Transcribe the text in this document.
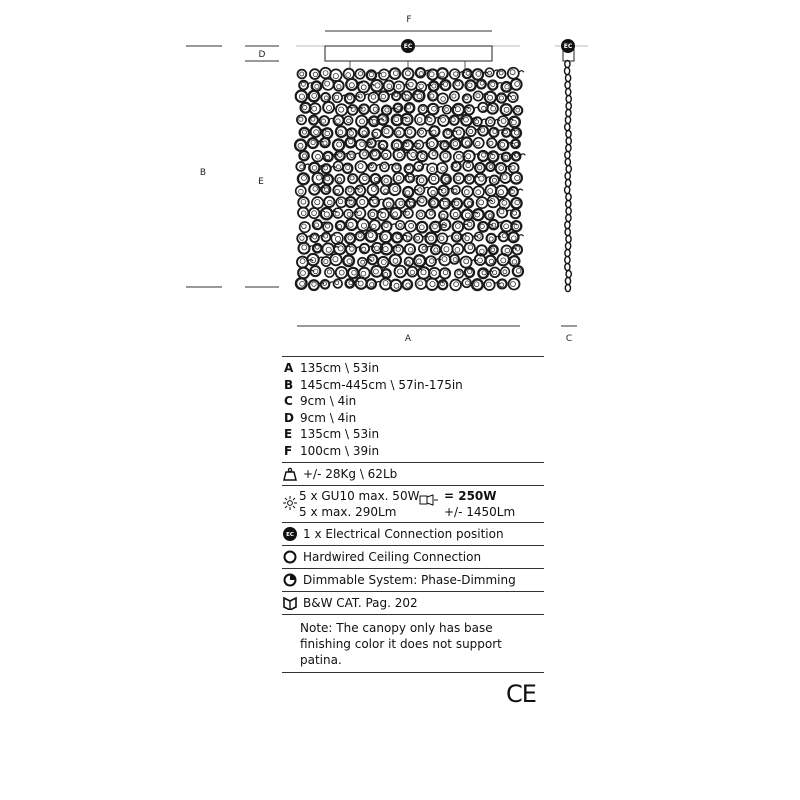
EC	EC
F
D
B
E
A	C
A 135cm \ 53in
B 145cm-445cm \ 57in-175in
C 9cm \ 4in
D 9cm \ 4in
E 135cm \ 53in
F 100cm \ 39in
+/- 28Kg \ 62Lb
5 x GU10 max. 50W
5 x max. 290Lm
= 250W
+/- 1450Lm
EC 1 x Electrical Connection position
Hardwired Ceiling Connection
Dimmable System: Phase-Dimming
B&W CAT. Pag. 202
Note: The canopy only has base finishing color it does not support patina.
CE
